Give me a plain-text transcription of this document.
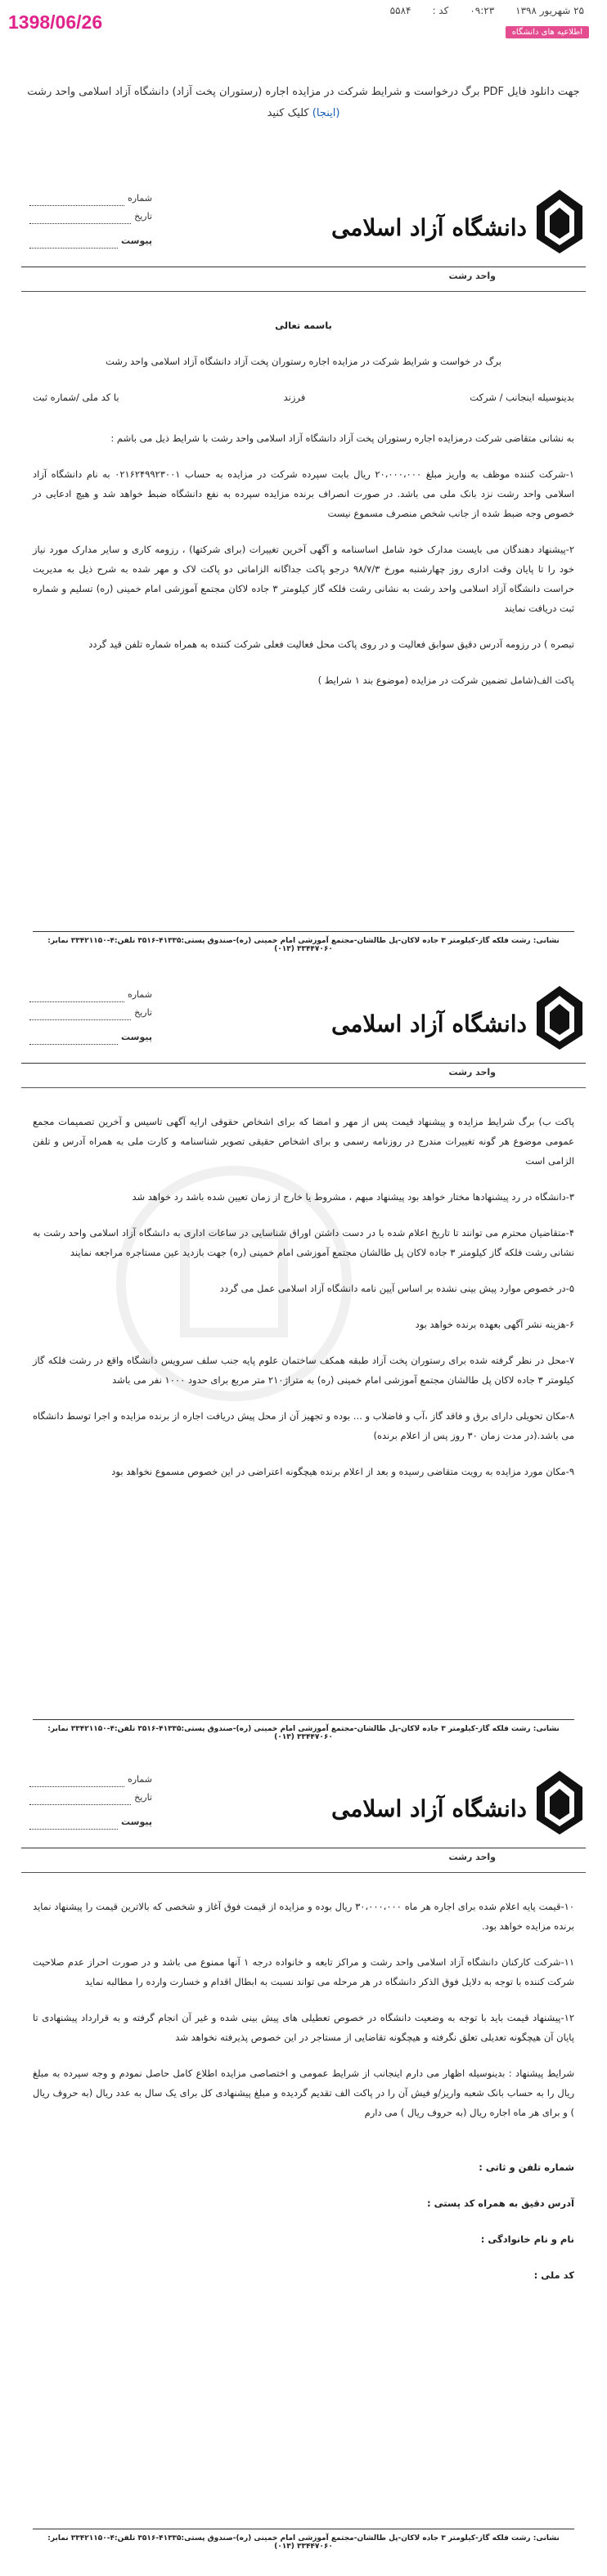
1398/06/26
۲۵ شهریور ۱۳۹۸
۰۹:۲۳
کد :
۵۵۸۴
اطلاعیه های دانشگاه
جهت دانلود فایل PDF برگ درخواست و شرایط شرکت در مزایده اجاره (رستوران پخت آزاد) دانشگاه آزاد اسلامی واحد رشت (اینجا) کلیک کنید
دانشگاه آزاد اسلامی
واحد رشت
شماره
تاریخ
پیوست
باسمه تعالی
برگ در خواست و شرایط شرکت در مزایده اجاره رستوران پخت آزاد دانشگاه آزاد اسلامی واحد رشت
بدینوسیله اینجانب / شرکت
فرزند
با کد ملی /شماره ثبت
به نشانی متقاضی شرکت درمزایده اجاره رستوران پخت آزاد دانشگاه آزاد اسلامی واحد رشت با شرایط ذیل می باشم :
۱-شرکت کننده موظف به واریز مبلغ ۲۰،۰۰۰،۰۰۰ ریال بابت سپرده شرکت در مزایده به حساب ۰۲۱۶۲۴۹۹۲۳۰۰۱ به نام دانشگاه آزاد اسلامی واحد رشت نزد بانک ملی می باشد. در صورت انصراف برنده مزایده سپرده به نفع دانشگاه ضبط خواهد شد و هیچ ادعایی در خصوص وجه ضبط شده از جانب شخص منصرف مسموع نیست
۲-پیشنهاد دهندگان می بایست مدارک خود شامل اساسنامه و آگهی آخرین تغییرات (برای شرکتها) ، رزومه کاری و سایر مدارک مورد نیاز خود را تا پایان وقت اداری روز چهارشنبه مورخ ۹۸/۷/۳ درجو پاکت جداگانه الزاماتی دو پاکت لاک و مهر شده به شرح ذیل به مدیریت حراست دانشگاه آزاد اسلامی واحد رشت به نشانی رشت فلکه گاز کیلومتر ۳ جاده لاکان مجتمع آموزشی امام خمینی (ره) تسلیم و شماره ثبت دریافت نمایند
تبصره ) در رزومه آدرس دقیق سوابق فعالیت و در روی پاکت محل فعالیت فعلی شرکت کننده به همراه شماره تلفن قید گردد
پاکت الف(شامل تضمین شرکت در مزایده (موضوع بند ۱ شرایط )
نشانی: رشت فلکه گاز-کیلومتر ۳ جاده لاکان-پل طالشان-مجتمع آموزشی امام خمینی (ره)-صندوق پستی:۴۱۳۳۵-۳۵۱۶ تلفن:۴-۳۳۴۲۱۱۵۰ نمابر: ۳۳۴۴۷۰۶۰ (۰۱۳)
دانشگاه آزاد اسلامی
واحد رشت
شماره
تاریخ
پیوست
پاکت ب) برگ شرایط مزایده و پیشنهاد قیمت پس از مهر و امضا که برای اشخاص حقوقی ارایه آگهی تاسیس و آخرین تصمیمات مجمع عمومی موضوع هر گونه تغییرات مندرج در روزنامه رسمی و برای اشخاص حقیقی تصویر شناسنامه و کارت ملی به همراه آدرس و تلفن الزامی است
۳-دانشگاه در رد پیشنهادها مختار خواهد بود پیشنهاد مبهم ، مشروط یا خارج از زمان تعیین شده باشد رد خواهد شد
۴-متقاضیان محترم می توانند تا تاریخ اعلام شده با در دست داشتن اوراق شناسایی در ساعات اداری به دانشگاه آزاد اسلامی واحد رشت به نشانی رشت فلکه گاز کیلومتر ۳ جاده لاکان پل طالشان مجتمع آموزشی امام خمینی (ره) جهت بازدید عین مستاجره مراجعه نمایند
۵-در خصوص موارد پیش بینی نشده بر اساس آیین نامه دانشگاه آزاد اسلامی عمل می گردد
۶-هزینه نشر آگهی بعهده برنده خواهد بود
۷-محل در نظر گرفته شده برای رستوران پخت آزاد طبقه همکف ساختمان علوم پایه جنب سلف سرویس دانشگاه واقع در رشت فلکه گاز کیلومتر ۳ جاده لاکان پل طالشان مجتمع آموزشی امام خمینی (ره) به متراژ۲۱۰ متر مربع برای حدود ۱۰۰۰ نفر می باشد
۸-مکان تحویلی دارای برق و فاقد گاز ،آب و فاضلاب و ... بوده و تجهیز آن از محل پیش دریافت اجاره از برنده مزایده و اجرا توسط دانشگاه می باشد.(در مدت زمان ۳۰ روز پس از اعلام برنده)
۹-مکان مورد مزایده به رویت متقاضی رسیده و بعد از اعلام برنده هیچگونه اعتراضی در این خصوص مسموع نخواهد بود
نشانی: رشت فلکه گاز-کیلومتر ۳ جاده لاکان-پل طالشان-مجتمع آموزشی امام خمینی (ره)-صندوق پستی:۴۱۳۳۵-۳۵۱۶ تلفن:۴-۳۳۴۲۱۱۵۰ نمابر: ۳۳۴۴۷۰۶۰ (۰۱۳)
دانشگاه آزاد اسلامی
واحد رشت
شماره
تاریخ
پیوست
۱۰-قیمت پایه اعلام شده برای اجاره هر ماه ۳۰،۰۰۰،۰۰۰ ریال بوده و مزایده از قیمت فوق آغاز و شخصی که بالاترین قیمت را پیشنهاد نماید برنده مزایده خواهد بود.
۱۱-شرکت کارکنان دانشگاه آزاد اسلامی واحد رشت و مراکز تابعه و خانواده درجه ۱ آنها ممنوع می باشد و در صورت احراز عدم صلاحیت شرکت کننده با توجه به دلایل فوق الذکر دانشگاه در هر مرحله می تواند نسبت به ابطال اقدام و خسارت وارده را مطالبه نماید
۱۲-پیشنهاد قیمت باید با توجه به وضعیت دانشگاه در خصوص تعطیلی های پیش بینی شده و غیر آن انجام گرفته و به قرارداد پیشنهادی تا پایان آن هیچگونه تعدیلی تعلق نگرفته و هیچگونه تقاضایی از مستاجر در این خصوص پذیرفته نخواهد شد
شرایط پیشنهاد : بدینوسیله اظهار می دارم اینجانب از شرایط عمومی و اختصاصی مزایده اطلاع کامل حاصل نمودم و وجه سپرده به مبلغ ریال را به حساب بانک شعبه واریز/و فیش آن را در پاکت الف تقدیم گردیده و مبلغ پیشنهادی کل برای یک سال به عدد ریال (به حروف ریال ) و برای هر ماه اجاره ریال (به حروف ریال ) می دارم
شماره تلفن و ثاتی :
آدرس دقیق به همراه کد پستی :
نام و نام خانوادگی :
کد ملی :
نشانی: رشت فلکه گاز-کیلومتر ۳ جاده لاکان-پل طالشان-مجتمع آموزشی امام خمینی (ره)-صندوق پستی:۴۱۳۳۵-۳۵۱۶ تلفن:۴-۳۳۴۲۱۱۵۰ نمابر: ۳۳۴۴۷۰۶۰ (۰۱۳)
